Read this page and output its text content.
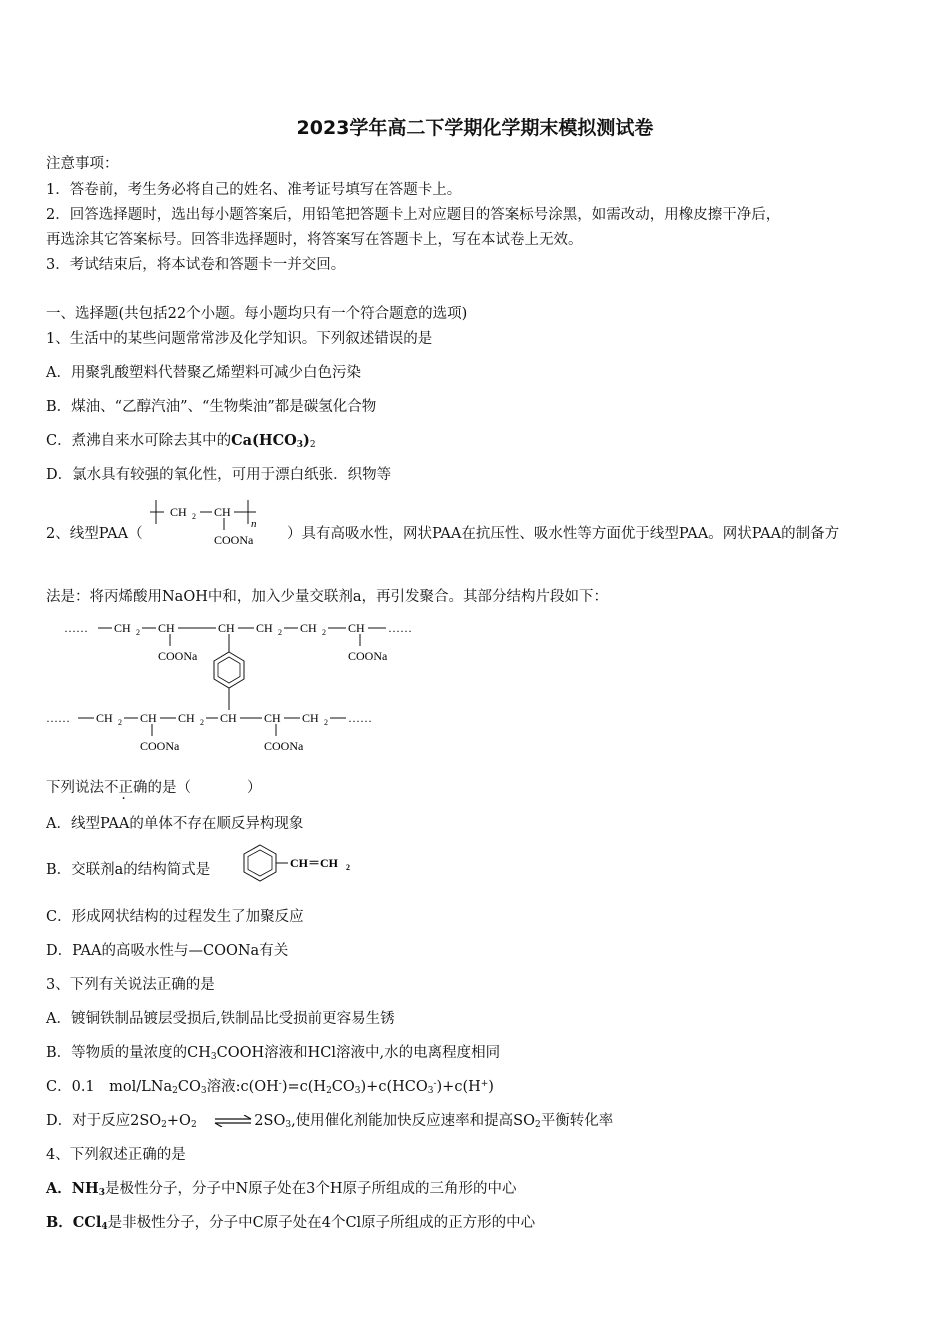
2023学年高二下学期化学期末模拟测试卷
注意事项：
1．答卷前，考生务必将自己的姓名、准考证号填写在答题卡上。
2．回答选择题时，选出每小题答案后，用铅笔把答题卡上对应题目的答案标号涂黑，如需改动，用橡皮擦干净后，
再选涂其它答案标号。回答非选择题时，将答案写在答题卡上，写在本试卷上无效。
3．考试结束后，将本试卷和答题卡一并交回。
一、选择题(共包括22个小题。每小题均只有一个符合题意的选项)
1、生活中的某些问题常常涉及化学知识。下列叙述错误的是
A．用聚乳酸塑料代替聚乙烯塑料可减少白色污染
B．煤油、“乙醇汽油”、“生物柴油”都是碳氢化合物
C．煮沸自来水可除去其中的$Ca(HCO_3)_2$
D．氯水具有较强的氧化性，可用于漂白纸张．织物等
2、线型PAA（
CH 2 CH
n
COONa ）具有高吸水性，网状PAA在抗压性、吸水性等方面优于线型PAA。网状PAA的制备方
法是：将丙烯酸用NaOH中和，加入少量交联剂a，再引发聚合。其部分结构片段如下：
…… CH 2 CH
COONa
CH CH 2 CH 2 CH ……
COONa
…… CH 2 CH
COONa
CH 2 CH CH
COONa
CH 2 ……
下列说法不正确的是（	）
A．线型PAA的单体不存在顺反异构现象
B．交联剂a的结构简式是	CH＝CH 2
C．形成网状结构的过程发生了加聚反应
D．PAA的高吸水性与—COONa有关
3、下列有关说法正确的是
A．镀铜铁制品镀层受损后,铁制品比受损前更容易生锈
B．等物质的量浓度的$CH_3COOH$溶液和HCl溶液中,水的电离程度相同
C．0.1　mol/$LNa_2CO_3$溶液$:c(OH^-)=c(H_2CO_3)+c(HCO_3^-)+c(H^+)$
D．对于反应$2SO_2+O_2$ $\rightleftharpoons 2SO_3$,使用催化剂能加快反应速率和提高$SO_2$平衡转化率
4、下列叙述正确的是
A．$NH_3$是极性分子，分子中N原子处在3个H原子所组成的三角形的中心
B．CCl$_4$是非极性分子，分子中C原子处在4个Cl原子所组成的正方形的中心
